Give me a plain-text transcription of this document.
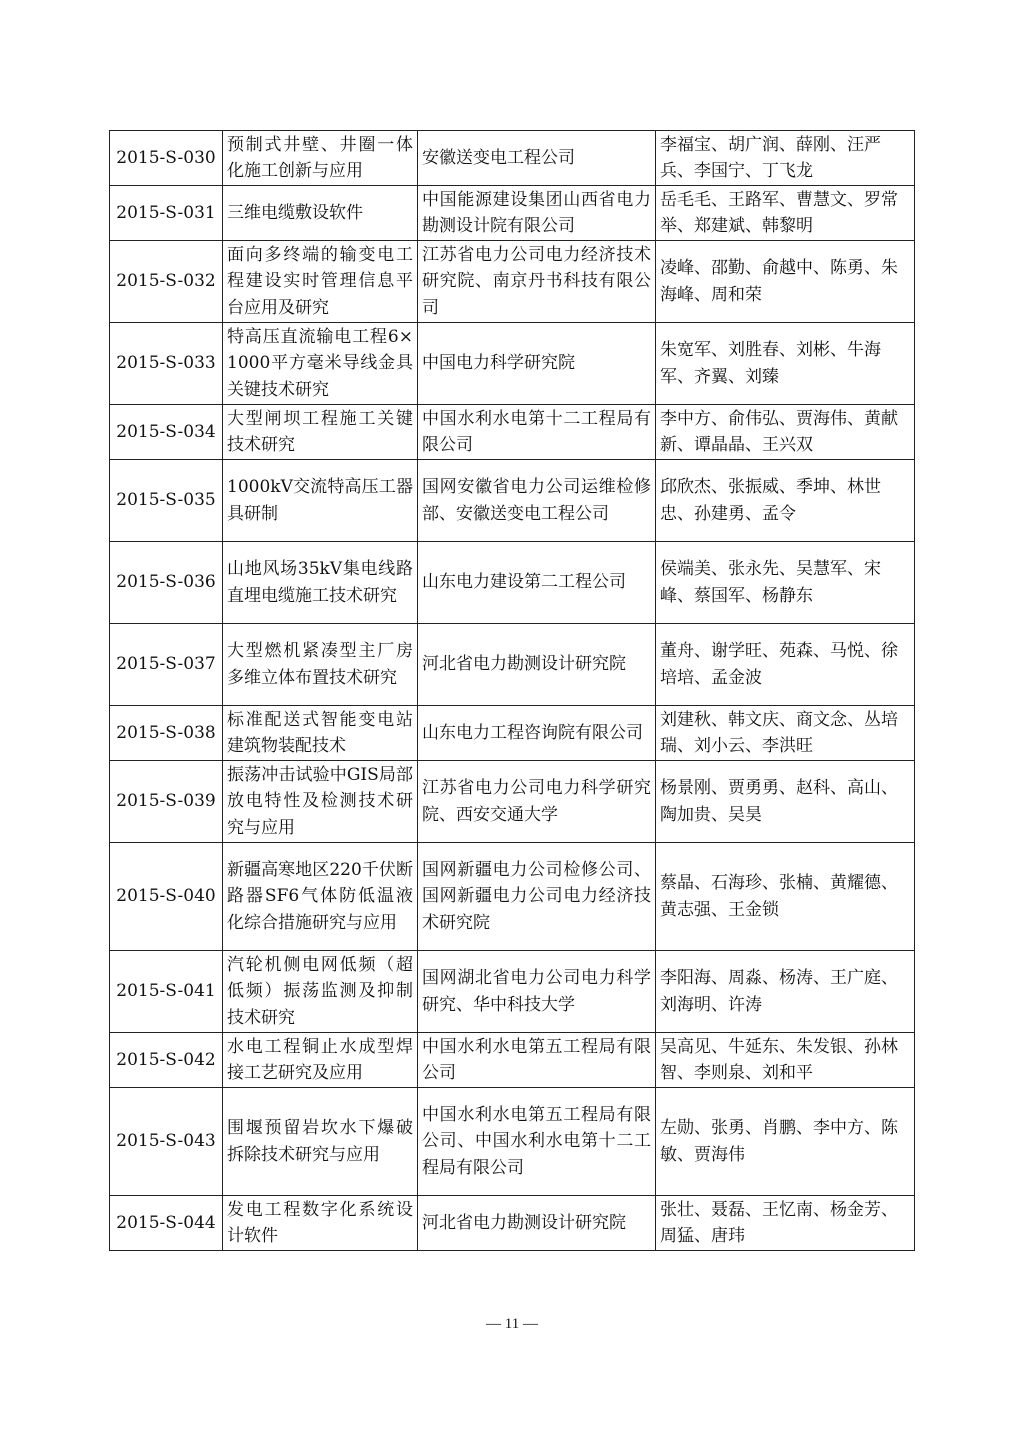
2015-S-030	预制式井壁、井圈一体化施工创新与应用	安徽送变电工程公司	李福宝、胡广润、薛刚、汪严兵、李国宁、丁飞龙
2015-S-031	三维电缆敷设软件	中国能源建设集团山西省电力勘测设计院有限公司	岳毛毛、王路军、曹慧文、罗常举、郑建斌、韩黎明
2015-S-032	面向多终端的输变电工程建设实时管理信息平台应用及研究	江苏省电力公司电力经济技术研究院、南京丹书科技有限公司	凌峰、邵勤、俞越中、陈勇、朱海峰、周和荣
2015-S-033	特高压直流输电工程6×1000平方毫米导线金具关键技术研究	中国电力科学研究院	朱宽军、刘胜春、刘彬、牛海军、齐翼、刘臻
2015-S-034	大型闸坝工程施工关键技术研究	中国水利水电第十二工程局有限公司	李中方、俞伟弘、贾海伟、黄献新、谭晶晶、王兴双
2015-S-035	1000kV交流特高压工器具研制	国网安徽省电力公司运维检修部、安徽送变电工程公司	邱欣杰、张振威、季坤、林世忠、孙建勇、孟令
2015-S-036	山地风场35kV集电线路直埋电缆施工技术研究	山东电力建设第二工程公司	侯端美、张永先、吴慧军、宋峰、蔡国军、杨静东
2015-S-037	大型燃机紧凑型主厂房多维立体布置技术研究	河北省电力勘测设计研究院	董舟、谢学旺、苑森、马悦、徐培培、孟金波
2015-S-038	标准配送式智能变电站建筑物装配技术	山东电力工程咨询院有限公司	刘建秋、韩文庆、商文念、丛培瑞、刘小云、李洪旺
2015-S-039	振荡冲击试验中GIS局部放电特性及检测技术研究与应用	江苏省电力公司电力科学研究院、西安交通大学	杨景刚、贾勇勇、赵科、高山、陶加贵、吴昊
2015-S-040	新疆高寒地区220千伏断路器SF6气体防低温液化综合措施研究与应用	国网新疆电力公司检修公司、国网新疆电力公司电力经济技术研究院	蔡晶、石海珍、张楠、黄耀德、黄志强、王金锁
2015-S-041	汽轮机侧电网低频（超低频）振荡监测及抑制技术研究	国网湖北省电力公司电力科学研究、华中科技大学	李阳海、周淼、杨涛、王广庭、刘海明、许涛
2015-S-042	水电工程铜止水成型焊接工艺研究及应用	中国水利水电第五工程局有限公司	吴高见、牛延东、朱发银、孙林智、李则泉、刘和平
2015-S-043	围堰预留岩坎水下爆破拆除技术研究与应用	中国水利水电第五工程局有限公司、中国水利水电第十二工程局有限公司	左勋、张勇、肖鹏、李中方、陈敏、贾海伟
2015-S-044	发电工程数字化系统设计软件	河北省电力勘测设计研究院	张壮、聂磊、王忆南、杨金芳、周猛、唐玮
— 11 —
